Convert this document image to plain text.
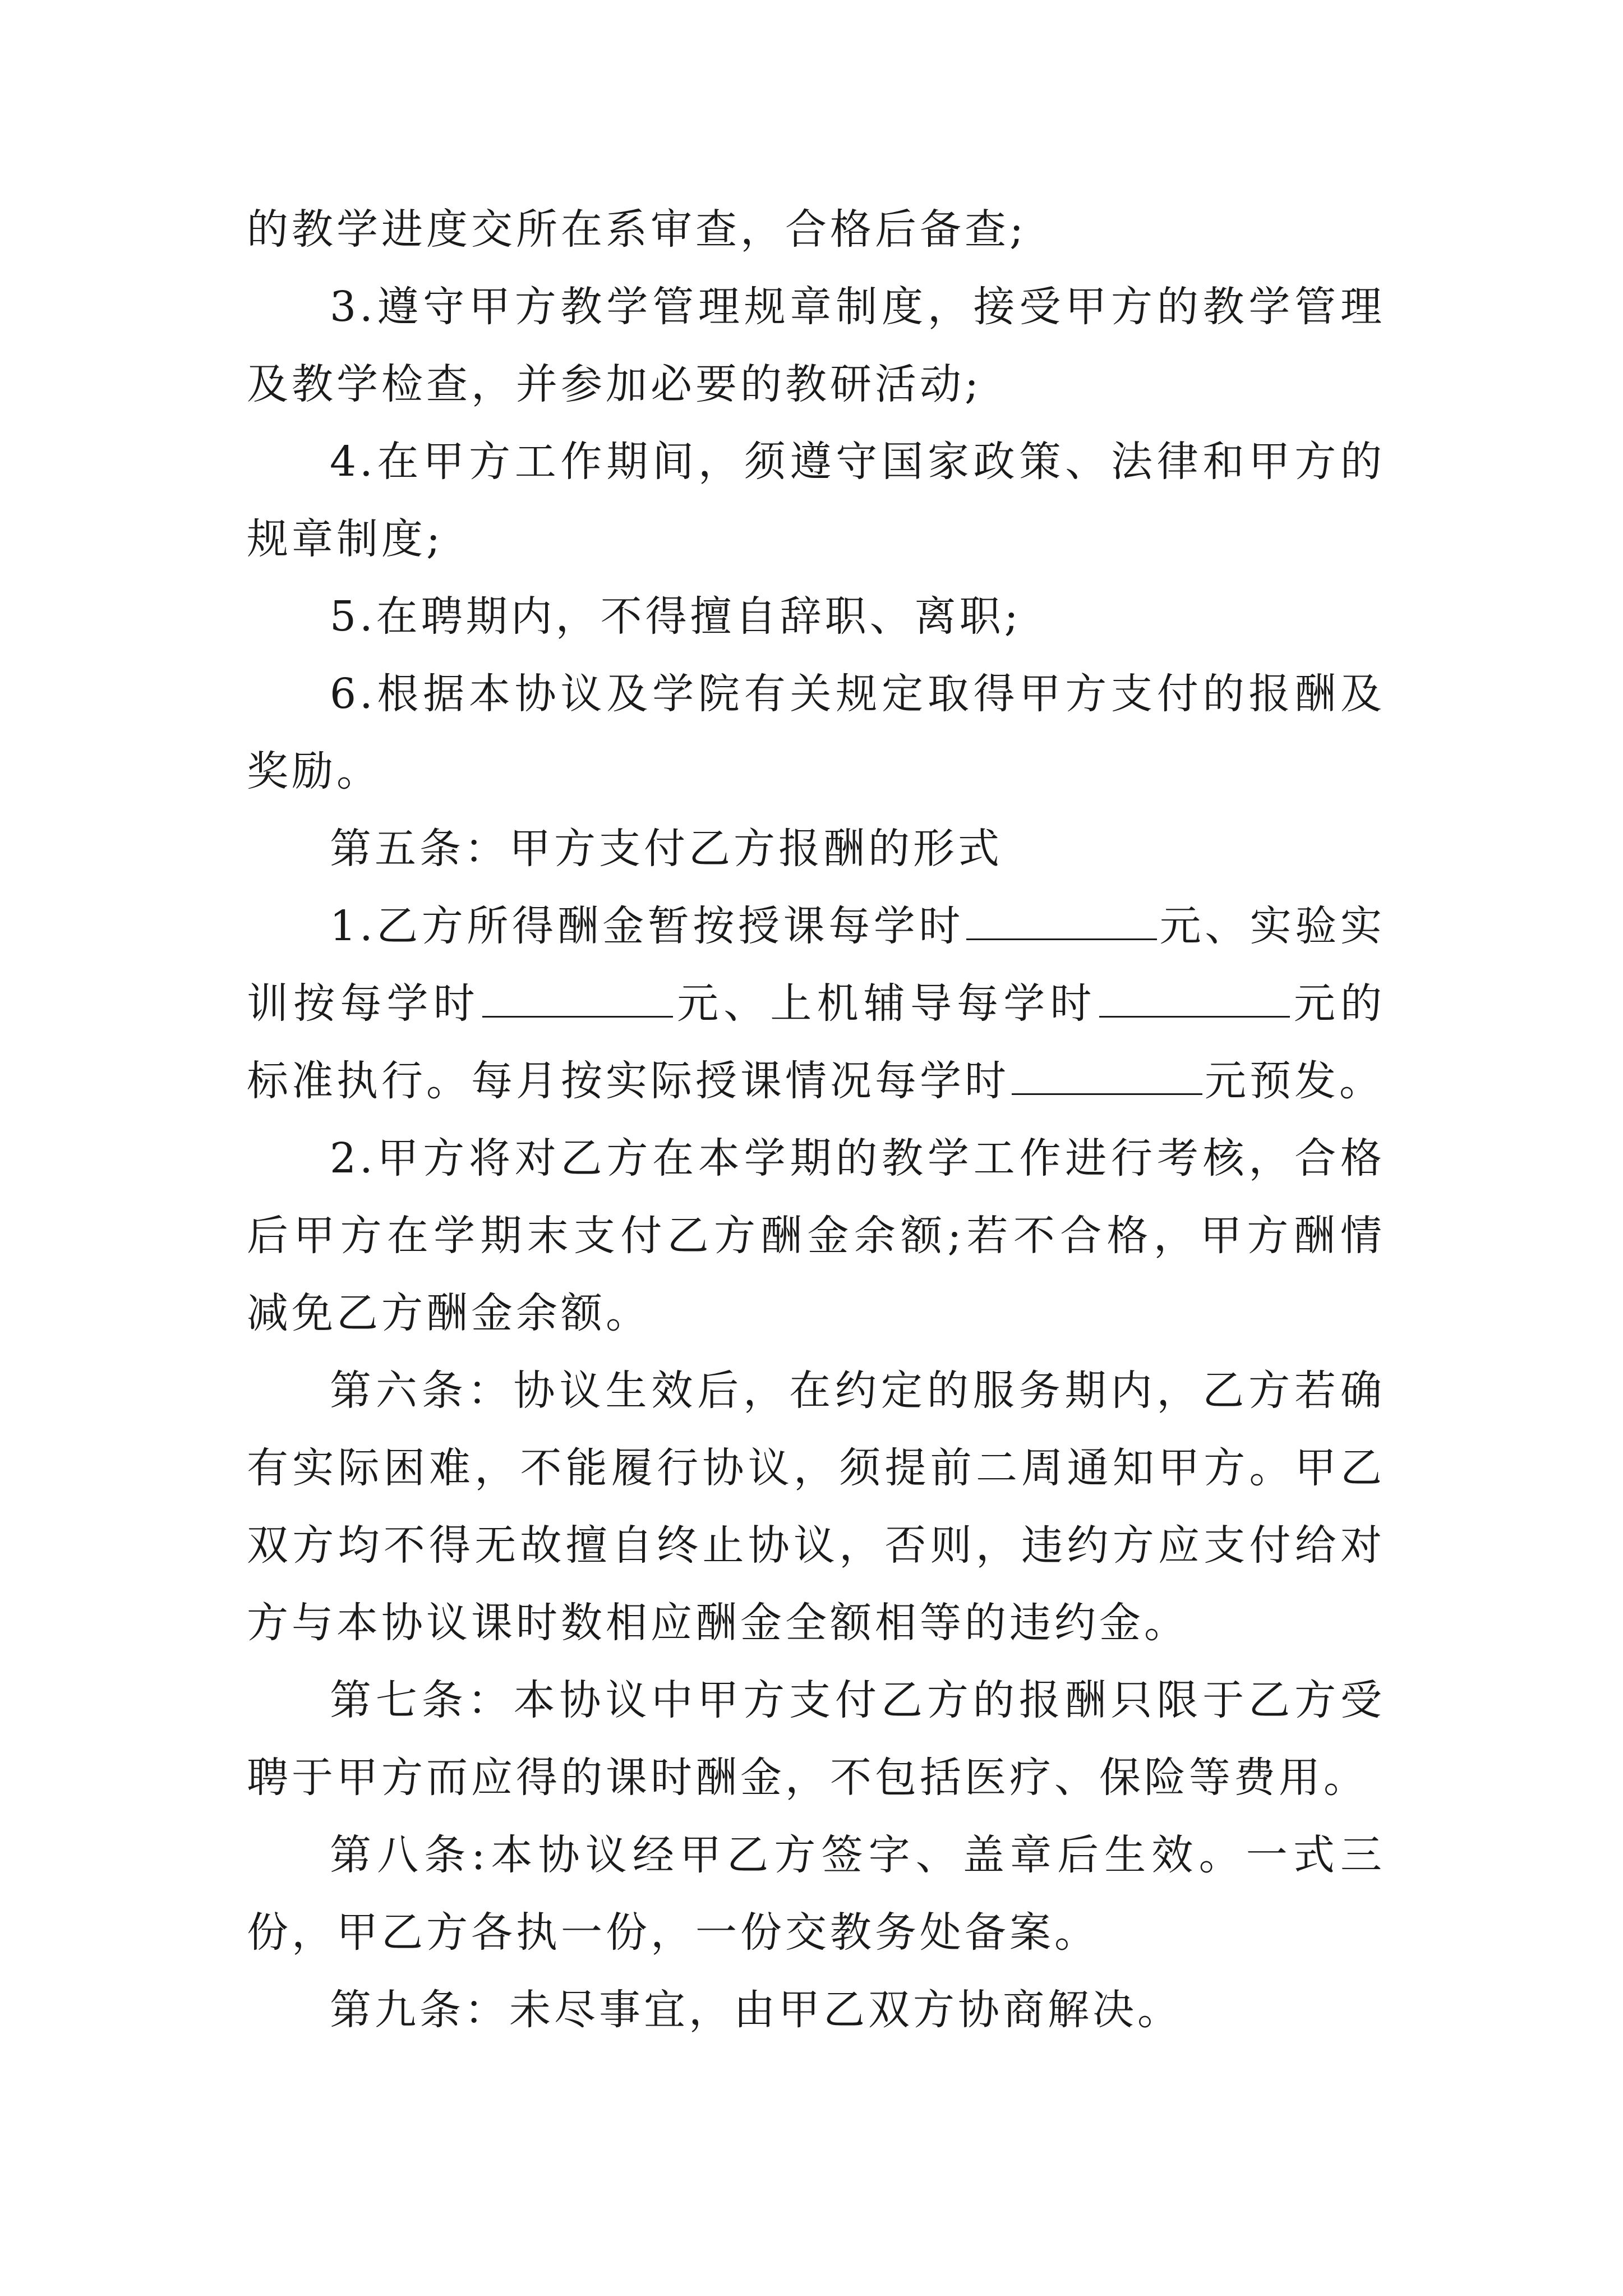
的教学进度交所在系审查，合格后备查;

3.遵守甲方教学管理规章制度，接受甲方的教学管理及教学检查，并参加必要的教研活动;

4.在甲方工作期间，须遵守国家政策、法律和甲方的规章制度;

5.在聘期内，不得擅自辞职、离职;

6.根据本协议及学院有关规定取得甲方支付的报酬及奖励。

第五条：甲方支付乙方报酬的形式

1.乙方所得酬金暂按授课每学时	元、实验实训按每学时	元、上机辅导每学时	元的标准执行。每月按实际授课情况每学时	元预发。

2.甲方将对乙方在本学期的教学工作进行考核，合格后甲方在学期末支付乙方酬金余额;若不合格，甲方酬情减免乙方酬金余额。

第六条：协议生效后，在约定的服务期内，乙方若确有实际困难，不能履行协议，须提前二周通知甲方。甲乙双方均不得无故擅自终止协议，否则，违约方应支付给对方与本协议课时数相应酬金全额相等的违约金。

第七条：本协议中甲方支付乙方的报酬只限于乙方受聘于甲方而应得的课时酬金，不包括医疗、保险等费用。

第八条:本协议经甲乙方签字、盖章后生效。一式三份，甲乙方各执一份，一份交教务处备案。

第九条：未尽事宜，由甲乙双方协商解决。
